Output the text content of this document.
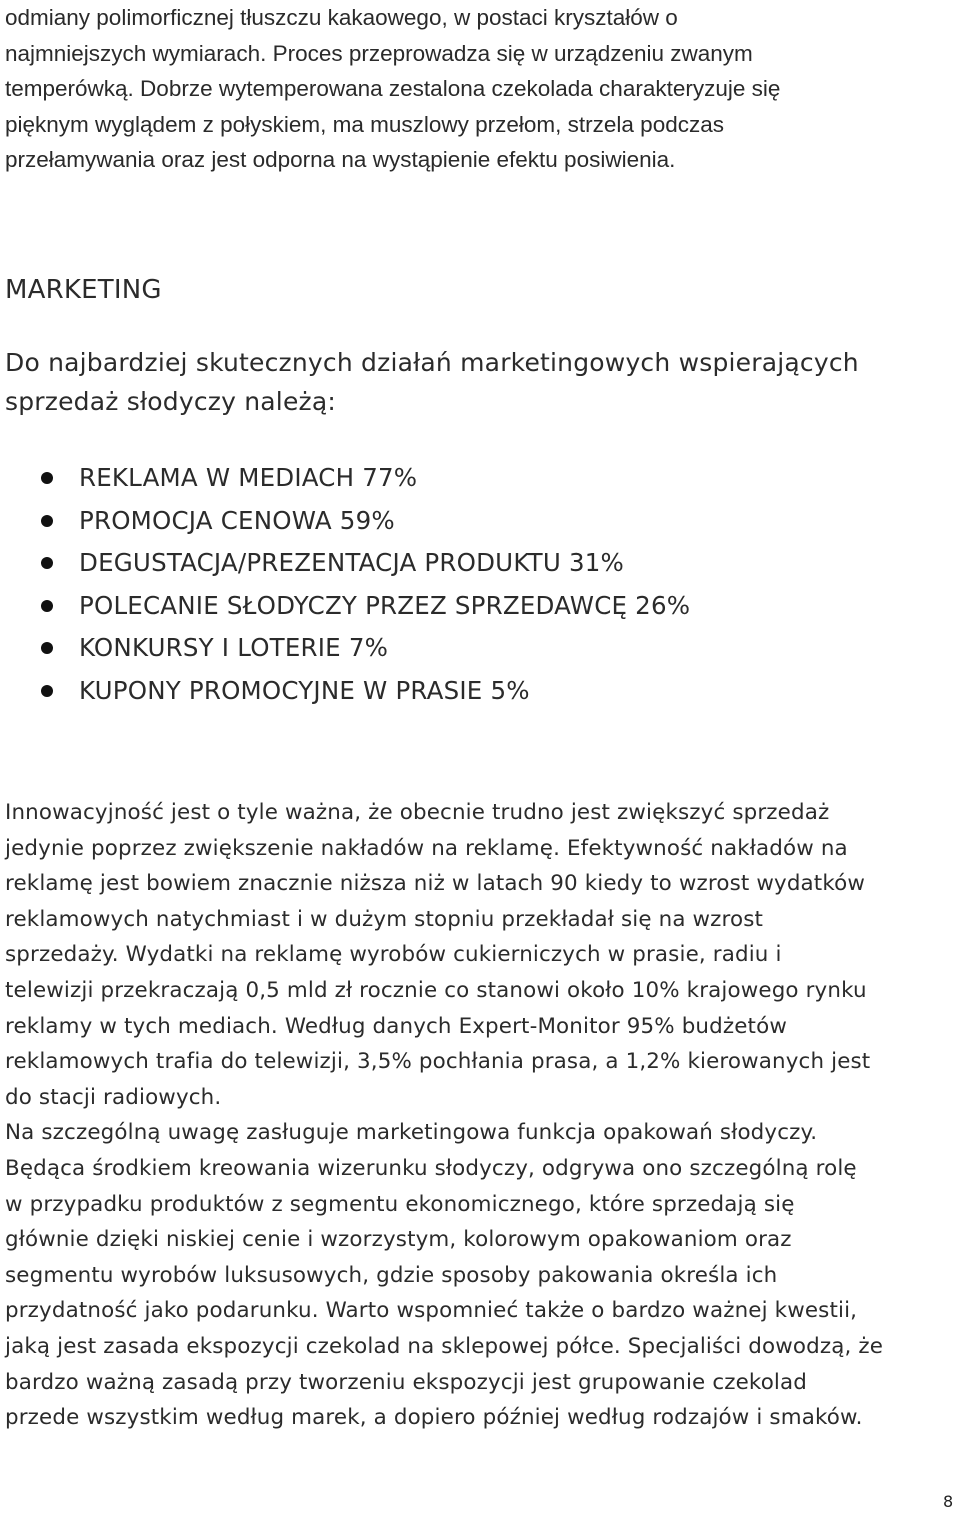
odmiany polimorficznej tłuszczu kakaowego, w postaci kryształów o
najmniejszych wymiarach. Proces przeprowadza się w urządzeniu zwanym
temperówką. Dobrze wytemperowana zestalona czekolada charakteryzuje się
pięknym wyglądem z połyskiem, ma muszlowy przełom, strzela podczas
przełamywania oraz jest odporna na wystąpienie efektu posiwienia.

MARKETING

Do najbardziej skutecznych działań marketingowych wspierających
sprzedaż słodyczy należą:

REKLAMA W MEDIACH 77%
PROMOCJA CENOWA 59%
DEGUSTACJA/PREZENTACJA PRODUKTU 31%
POLECANIE SŁODYCZY PRZEZ SPRZEDAWCĘ 26%
KONKURSY I LOTERIE 7%
KUPONY PROMOCYJNE W PRASIE 5%

Innowacyjność jest o tyle ważna, że obecnie trudno jest zwiększyć sprzedaż
jedynie poprzez zwiększenie nakładów na reklamę. Efektywność nakładów na
reklamę jest bowiem znacznie niższa niż w latach 90 kiedy to wzrost wydatków
reklamowych natychmiast i w dużym stopniu przekładał się na wzrost
sprzedaży. Wydatki na reklamę wyrobów cukierniczych w prasie, radiu i
telewizji przekraczają 0,5 mld zł rocznie co stanowi około 10% krajowego rynku
reklamy w tych mediach. Według danych Expert-Monitor 95% budżetów
reklamowych trafia do telewizji, 3,5% pochłania prasa, a 1,2% kierowanych jest
do stacji radiowych.
Na szczególną uwagę zasługuje marketingowa funkcja opakowań słodyczy.
Będąca środkiem kreowania wizerunku słodyczy, odgrywa ono szczególną rolę
w przypadku produktów z segmentu ekonomicznego, które sprzedają się
głównie dzięki niskiej cenie i wzorzystym, kolorowym opakowaniom oraz
segmentu wyrobów luksusowych, gdzie sposoby pakowania określa ich
przydatność jako podarunku. Warto wspomnieć także o bardzo ważnej kwestii,
jaką jest zasada ekspozycji czekolad na sklepowej półce. Specjaliści dowodzą, że
bardzo ważną zasadą przy tworzeniu ekspozycji jest grupowanie czekolad
przede wszystkim według marek, a dopiero później według rodzajów i smaków.

8
